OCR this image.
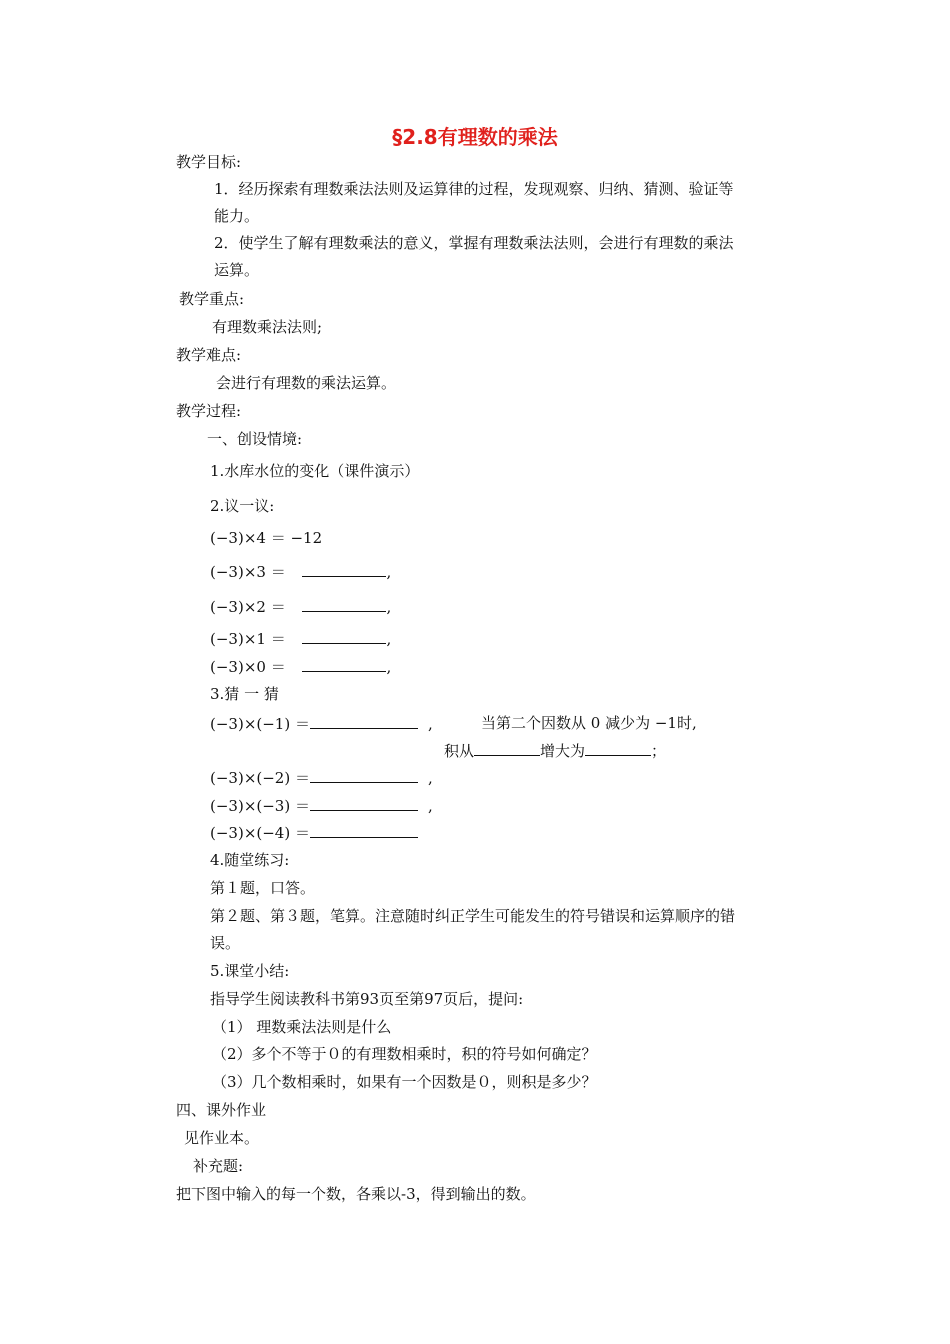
§2.8有理数的乘法
教学目标:
1．经历探索有理数乘法法则及运算律的过程，发现观察、归纳、猜测、验证等
能力。
2．使学生了解有理数乘法的意义，掌握有理数乘法法则，会进行有理数的乘法
运算。
教学重点:
有理数乘法法则;
教学难点:
会进行有理数的乘法运算。
教学过程:
一、创设情境:
1.水库水位的变化（课件演示）
2.议一议:
(−3)×4 ＝ −12
(−3)×3 ＝	,
(−3)×2 ＝	,
(−3)×1 ＝	,
(−3)×0 ＝	,
3.猜 一 猜
(−3)×(−1) ＝	,	当第二个因数从 0 减少为 −1时,
积从	增大为	；
(−3)×(−2) ＝	,
(−3)×(−3) ＝	,
(−3)×(−4) ＝
4.随堂练习:
第１题，口答。
第２题、第３题，笔算。注意随时纠正学生可能发生的符号错误和运算顺序的错
误。
5.课堂小结:
指导学生阅读教科书第93页至第97页后，提问:
（1） 理数乘法法则是什么
（2）多个不等于０的有理数相乘时，积的符号如何确定？
（3）几个数相乘时，如果有一个因数是０，则积是多少？
四、课外作业
见作业本。
补充题:
把下图中输入的每一个数，各乘以-3，得到输出的数。
